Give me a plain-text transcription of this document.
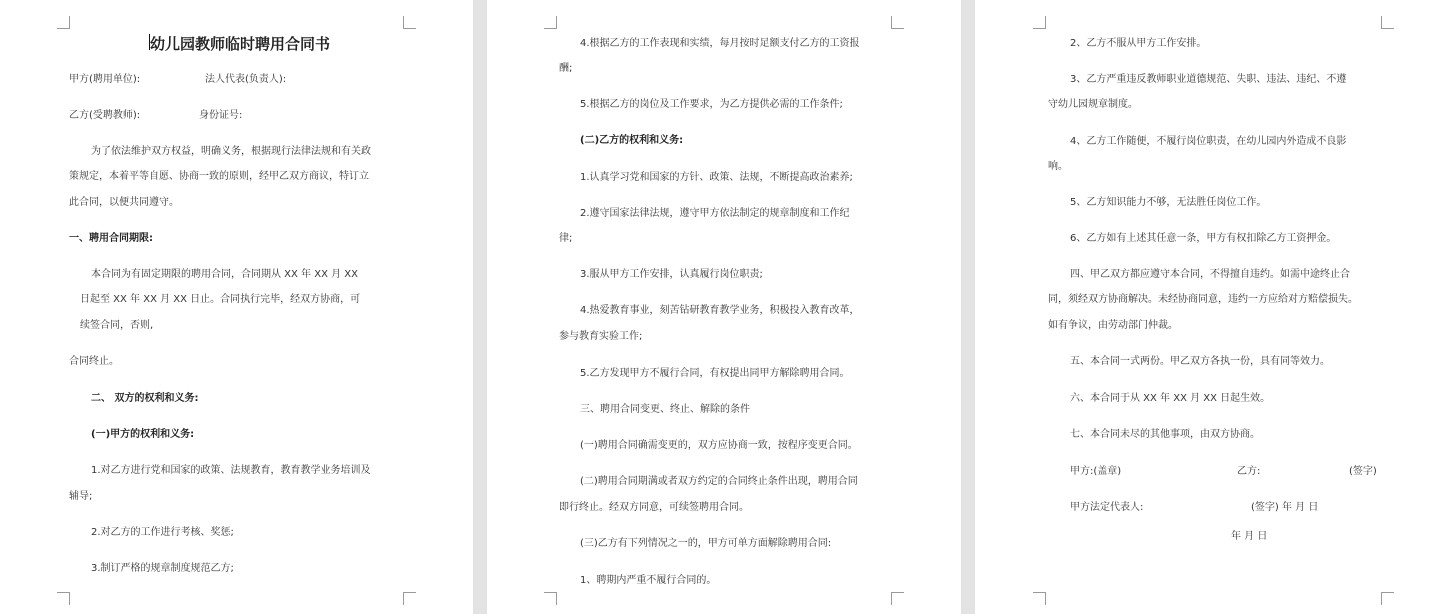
幼儿园教师临时聘用合同书
甲方(聘用单位):	法人代表(负责人):
乙方(受聘教师):	身份证号:
为了依法维护双方权益，明确义务，根据现行法律法规和有关政
策规定，本着平等自愿、协商一致的原则，经甲乙双方商议，特订立
此合同，以便共同遵守。
一、聘用合同期限:
本合同为有固定期限的聘用合同，合同期从 XX 年 XX 月 XX
日起至 XX 年 XX 月 XX 日止。合同执行完毕，经双方协商，可
续签合同，否则,
合同终止。
二、 双方的权利和义务:
(一)甲方的权利和义务:
1.对乙方进行党和国家的政策、法规教育，教育教学业务培训及
辅导;
2.对乙方的工作进行考核、奖惩;
3.制订严格的规章制度规范乙方;
4.根据乙方的工作表现和实绩，每月按时足额支付乙方的工资报
酬;
5.根据乙方的岗位及工作要求，为乙方提供必需的工作条件;
(二)乙方的权利和义务:
1.认真学习党和国家的方针、政策、法规，不断提高政治素养;
2.遵守国家法律法规，遵守甲方依法制定的规章制度和工作纪
律;
3.服从甲方工作安排，认真履行岗位职责;
4.热爱教育事业，刻苦钻研教育教学业务，积极投入教育改革，
参与教育实验工作;
5.乙方发现甲方不履行合同，有权提出同甲方解除聘用合同。
三、聘用合同变更、终止、解除的条件
(一)聘用合同确需变更的，双方应协商一致，按程序变更合同。
(二)聘用合同期满或者双方约定的合同终止条件出现，聘用合同
即行终止。经双方同意，可续签聘用合同。
(三)乙方有下列情况之一的，甲方可单方面解除聘用合同:
1、聘期内严重不履行合同的。
2、乙方不服从甲方工作安排。
3、乙方严重违反教师职业道德规范、失职、违法、违纪、不遵
守幼儿园规章制度。
4、乙方工作随便，不履行岗位职责，在幼儿园内外造成不良影
响。
5、乙方知识能力不够，无法胜任岗位工作。
6、乙方如有上述其任意一条，甲方有权扣除乙方工资押金。
四、甲乙双方都应遵守本合同，不得擅自违约。如需中途终止合
同，须经双方协商解决。未经协商同意，违约一方应给对方赔偿损失。
如有争议，由劳动部门仲裁。
五、本合同一式两份。甲乙双方各执一份，具有同等效力。
六、本合同于从 XX 年 XX 月 XX 日起生效。
七、本合同未尽的其他事项，由双方协商。
甲方:(盖章)	乙方:	(签字)
甲方法定代表人:	(签字) 年 月 日
年 月 日
